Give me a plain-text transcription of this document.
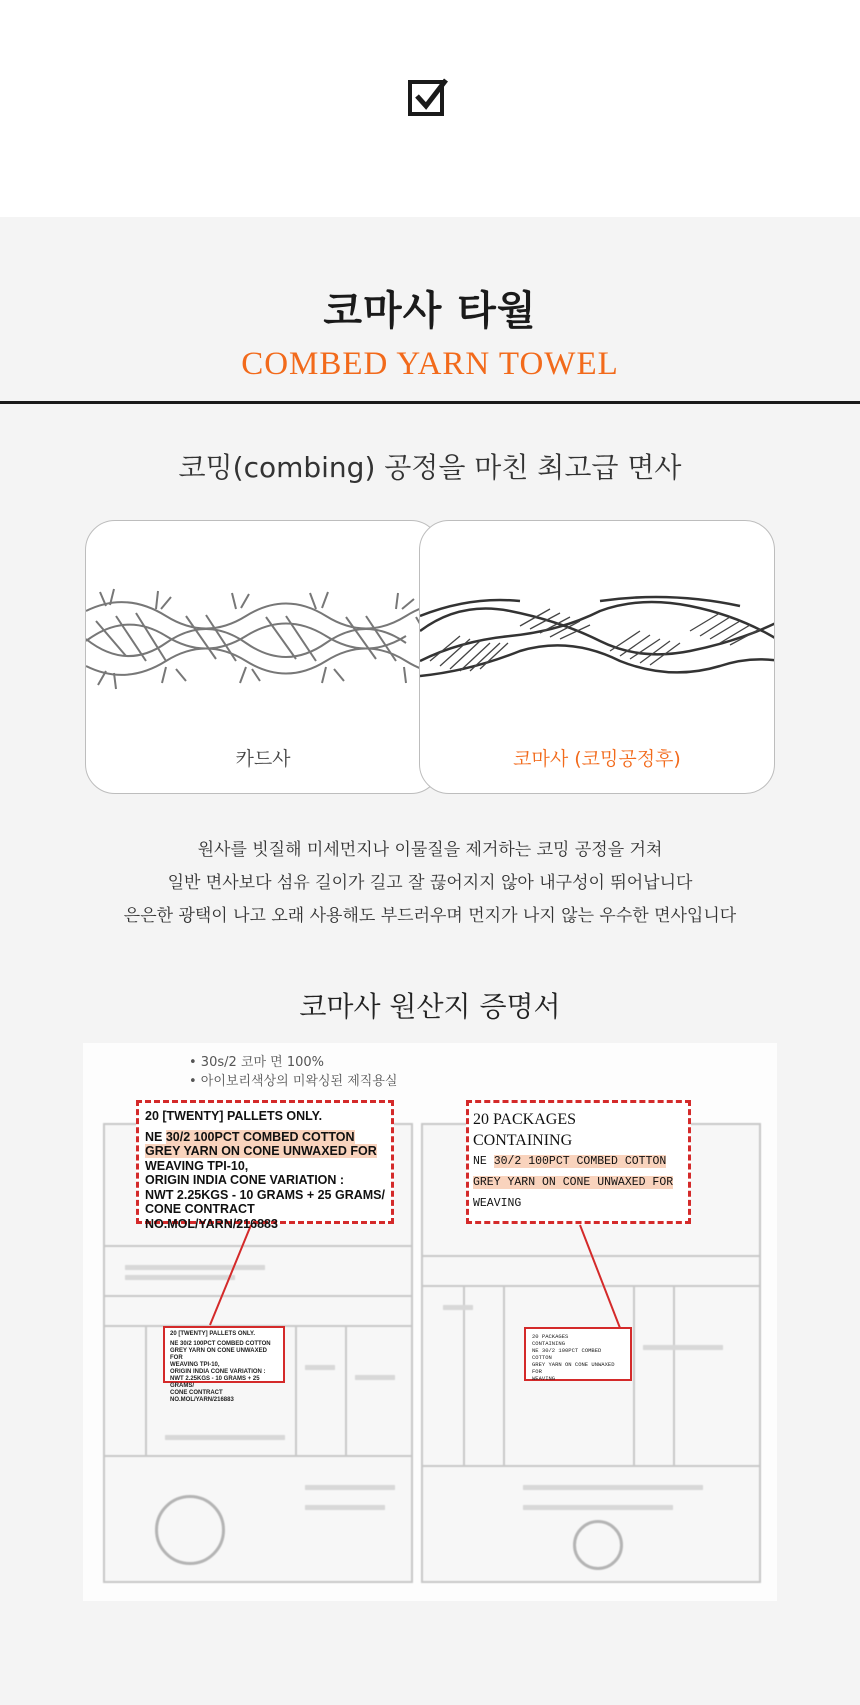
코마사 타월
COMBED YARN TOWEL
코밍(combing) 공정을 마친 최고급 면사
카드사	코마사 (코밍공정후)
원사를 빗질해 미세먼지나 이물질을 제거하는 코밍 공정을 거쳐
일반 면사보다 섬유 길이가 길고 잘 끊어지지 않아 내구성이 뛰어납니다
은은한 광택이 나고 오래 사용해도 부드러우며 먼지가 나지 않는 우수한 면사입니다
코마사 원산지 증명서
• 30s/2 코마 면 100%
• 아이보리색상의 미왁싱된 제직용실
20 [TWENTY] PALLETS ONLY.
NE 30/2 100PCT COMBED COTTON
GREY YARN ON CONE UNWAXED FOR
WEAVING TPI-10,
ORIGIN INDIA CONE VARIATION :
NWT 2.25KGS - 10 GRAMS + 25 GRAMS/
CONE CONTRACT NO.MOL/YARN/216883
20 PACKAGES
CONTAINING
NE 30/2 100PCT COMBED COTTON
GREY YARN ON CONE UNWAXED FOR
WEAVING
20 [TWENTY] PALLETS ONLY.
NE 30/2 100PCT COMBED COTTON
GREY YARN ON CONE UNWAXED FOR
WEAVING TPI-10,
ORIGIN INDIA CONE VARIATION :
NWT 2.25KGS - 10 GRAMS + 25 GRAMS/
CONE CONTRACT NO.MOL/YARN/216883
20 PACKAGES
CONTAINING
NE 30/2 100PCT COMBED COTTON
GREY YARN ON CONE UNWAXED FOR
WEAVING
